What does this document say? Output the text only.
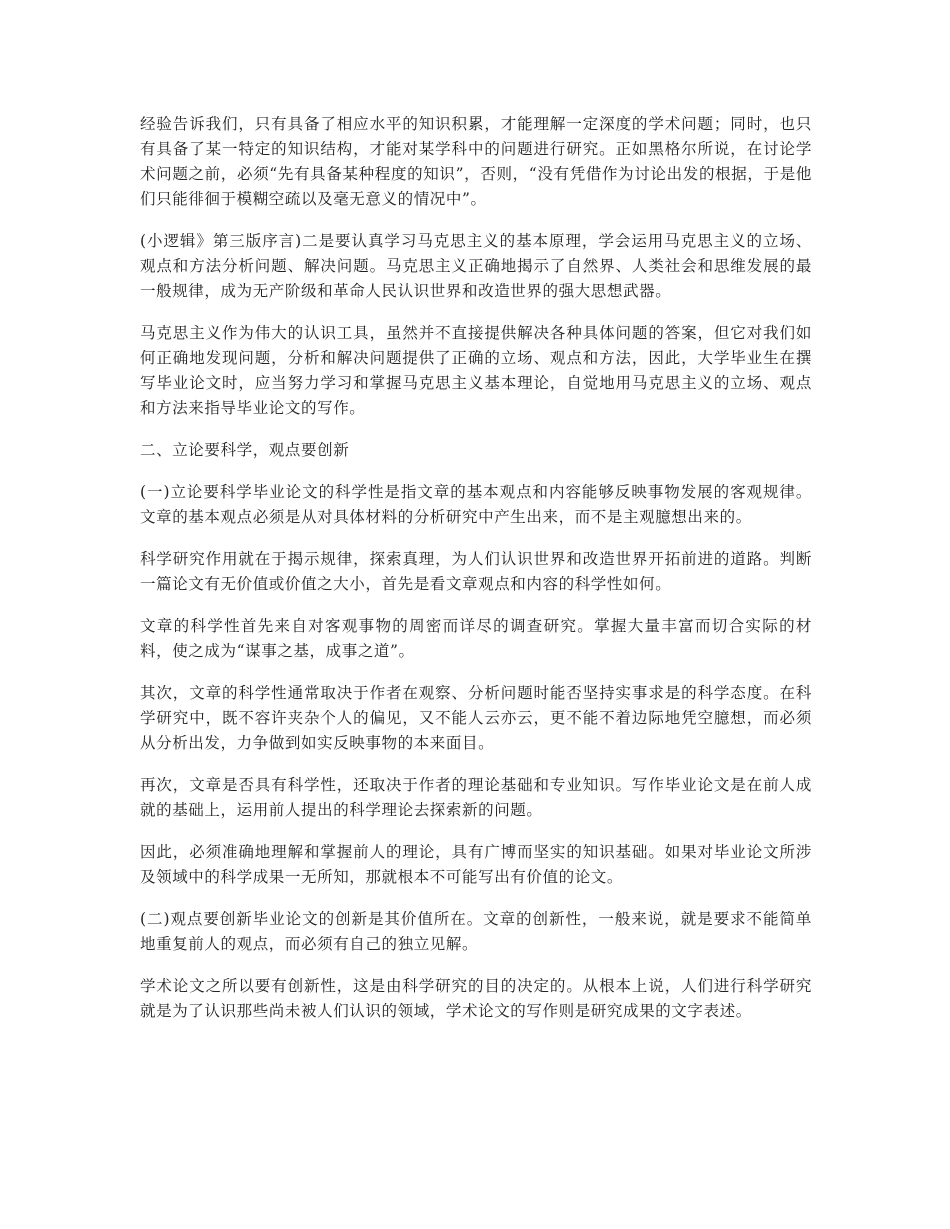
经验告诉我们，只有具备了相应水平的知识积累，才能理解一定深度的学术问题；同时，也只有具备了某一特定的知识结构，才能对某学科中的问题进行研究。正如黑格尔所说，在讨论学术问题之前，必须“先有具备某种程度的知识”，否则，“没有凭借作为讨论出发的根据，于是他们只能徘徊于模糊空疏以及毫无意义的情况中”。

(小逻辑》第三版序言)二是要认真学习马克思主义的基本原理，学会运用马克思主义的立场、观点和方法分析问题、解决问题。马克思主义正确地揭示了自然界、人类社会和思维发展的最一般规律，成为无产阶级和革命人民认识世界和改造世界的强大思想武器。

马克思主义作为伟大的认识工具，虽然并不直接提供解决各种具体问题的答案，但它对我们如何正确地发现问题，分析和解决问题提供了正确的立场、观点和方法，因此，大学毕业生在撰写毕业论文时，应当努力学习和掌握马克思主义基本理论，自觉地用马克思主义的立场、观点和方法来指导毕业论文的写作。

二、立论要科学，观点要创新

(一)立论要科学毕业论文的科学性是指文章的基本观点和内容能够反映事物发展的客观规律。文章的基本观点必须是从对具体材料的分析研究中产生出来，而不是主观臆想出来的。

科学研究作用就在于揭示规律，探索真理，为人们认识世界和改造世界开拓前进的道路。判断一篇论文有无价值或价值之大小，首先是看文章观点和内容的科学性如何。

文章的科学性首先来自对客观事物的周密而详尽的调查研究。掌握大量丰富而切合实际的材料，使之成为“谋事之基，成事之道”。

其次，文章的科学性通常取决于作者在观察、分析问题时能否坚持实事求是的科学态度。在科学研究中，既不容许夹杂个人的偏见，又不能人云亦云，更不能不着边际地凭空臆想，而必须从分析出发，力争做到如实反映事物的本来面目。

再次，文章是否具有科学性，还取决于作者的理论基础和专业知识。写作毕业论文是在前人成就的基础上，运用前人提出的科学理论去探索新的问题。

因此，必须准确地理解和掌握前人的理论，具有广博而坚实的知识基础。如果对毕业论文所涉及领域中的科学成果一无所知，那就根本不可能写出有价值的论文。

(二)观点要创新毕业论文的创新是其价值所在。文章的创新性，一般来说，就是要求不能简单地重复前人的观点，而必须有自己的独立见解。

学术论文之所以要有创新性，这是由科学研究的目的决定的。从根本上说，人们进行科学研究就是为了认识那些尚未被人们认识的领域，学术论文的写作则是研究成果的文字表述。
